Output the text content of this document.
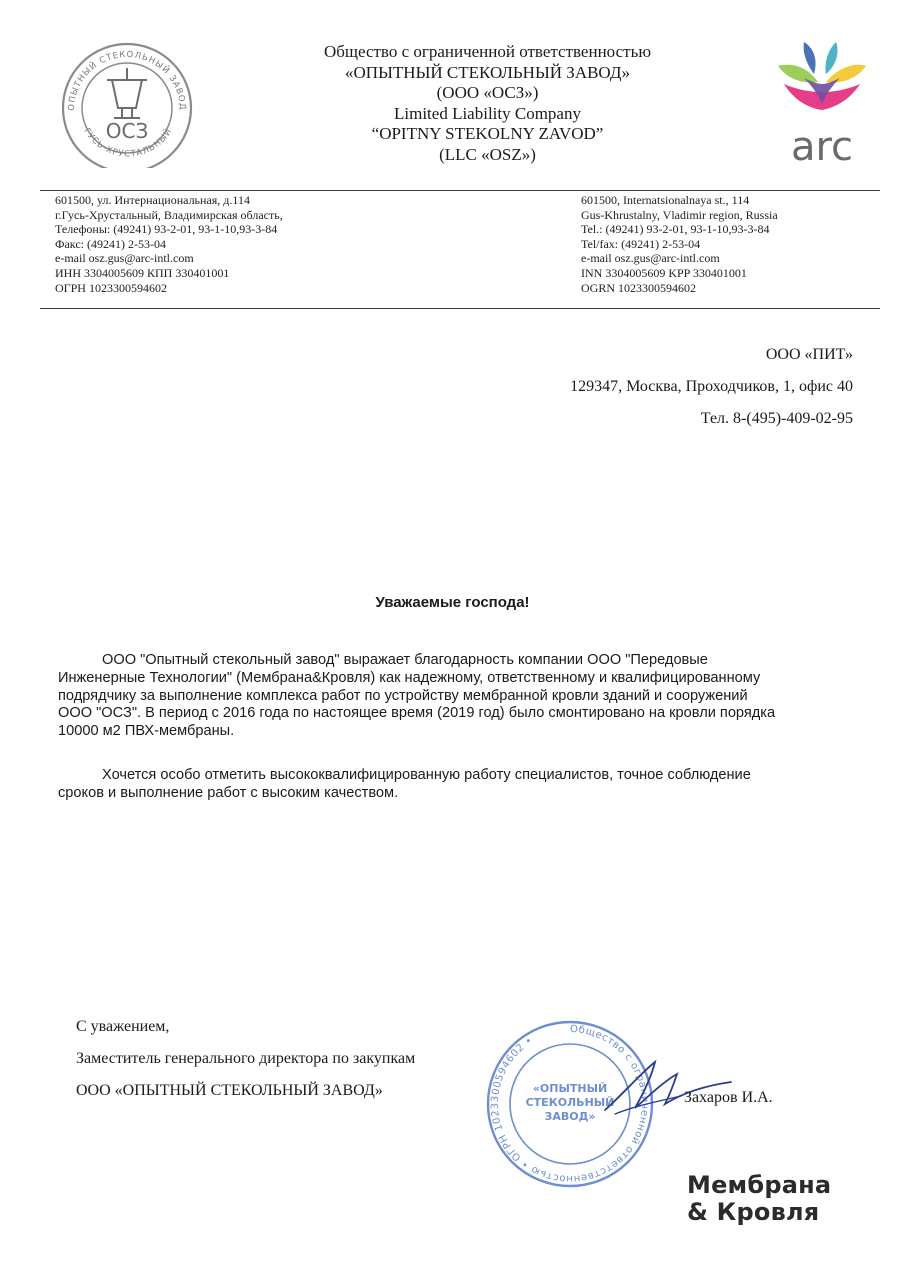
ОПЫТНЫЙ СТЕКОЛЬНЫЙ ЗАВОД
ГУСЬ-ХРУСТАЛЬНЫЙ
ОСЗ
Общество с ограниченной ответственностью
«ОПЫТНЫЙ СТЕКОЛЬНЫЙ ЗАВОД»
(ООО «ОСЗ»)
Limited Liability Company
“OPITNY STEKOLNY ZAVOD”
(LLC «OSZ»)	arc
601500, ул. Интернациональная, д.114
г.Гусь-Хрустальный, Владимирская область,
Телефоны: (49241) 93-2-01, 93-1-10,93-3-84
Факс: (49241) 2-53-04
e-mail osz.gus@arc-intl.com
ИНН 3304005609 КПП 330401001
ОГРН 1023300594602
601500, Internatsionalnaya st., 114
Gus-Khrustalny, Vladimir region, Russia
Tel.: (49241) 93-2-01, 93-1-10,93-3-84
Tel/fax: (49241) 2-53-04
e-mail osz.gus@arc-intl.com
INN 3304005609 KPP 330401001
OGRN 1023300594602
ООО «ПИТ»
129347, Москва, Проходчиков, 1, офис 40
Тел. 8-(495)-409-02-95
Уважаемые господа!
ООО "Опытный стекольный завод" выражает благодарность компании ООО "Передовые
Инженерные Технологии" (Мембрана&Кровля) как надежному, ответственному и квалифицированному
подрядчику за выполнение комплекса работ по устройству мембранной кровли зданий и сооружений
ООО "ОСЗ". В период с 2016 года по настоящее время (2019 год) было смонтировано на кровли порядка
10000 м2 ПВХ-мембраны.
Хочется особо отметить высококвалифицированную работу специалистов, точное соблюдение
сроков и выполнение работ с высоким качеством.
С уважением,
Заместитель генерального директора по закупкам
ООО «ОПЫТНЫЙ СТЕКОЛЬНЫЙ ЗАВОД»
Общество с ограниченной ответственностью • ОГРН 1023300594602 •
«ОПЫТНЫЙ
СТЕКОЛЬНЫЙ
ЗАВОД»
Захаров И.А.
Мембрана
& Кровля
